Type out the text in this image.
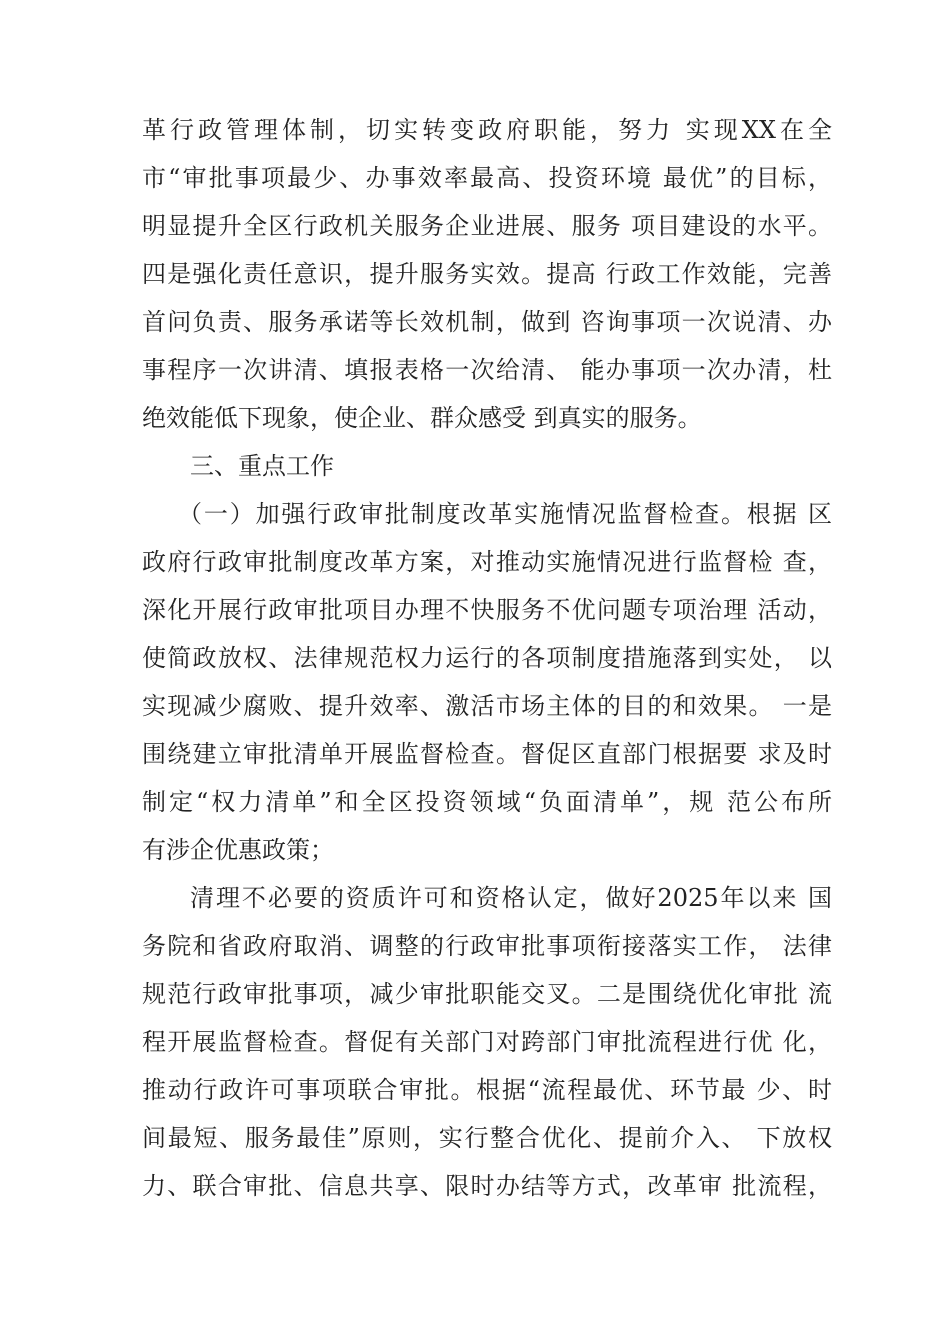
革行政管理体制，切实转变政府职能，努力 实现XX在全
市“审批事项最少、办事效率最高、投资环境 最优”的目标，
明显提升全区行政机关服务企业进展、服务 项目建设的水平。
四是强化责任意识，提升服务实效。提高 行政工作效能，完善
首问负责、服务承诺等长效机制，做到 咨询事项一次说清、办
事程序一次讲清、填报表格一次给清、 能办事项一次办清，杜
绝效能低下现象，使企业、群众感受 到真实的服务。
三、重点工作
（一）加强行政审批制度改革实施情况监督检查。根据 区
政府行政审批制度改革方案，对推动实施情况进行监督检 查，
深化开展行政审批项目办理不快服务不优问题专项治理 活动，
使简政放权、法律规范权力运行的各项制度措施落到实处， 以
实现减少腐败、提升效率、激活市场主体的目的和效果。 一是
围绕建立审批清单开展监督检查。督促区直部门根据要 求及时
制定“权力清单”和全区投资领域“负面清单”，规 范公布所
有涉企优惠政策；
清理不必要的资质许可和资格认定，做好2025年以来 国
务院和省政府取消、调整的行政审批事项衔接落实工作， 法律
规范行政审批事项，减少审批职能交叉。二是围绕优化审批 流
程开展监督检查。督促有关部门对跨部门审批流程进行优 化，
推动行政许可事项联合审批。根据“流程最优、环节最 少、时
间最短、服务最佳”原则，实行整合优化、提前介入、 下放权
力、联合审批、信息共享、限时办结等方式，改革审 批流程，
